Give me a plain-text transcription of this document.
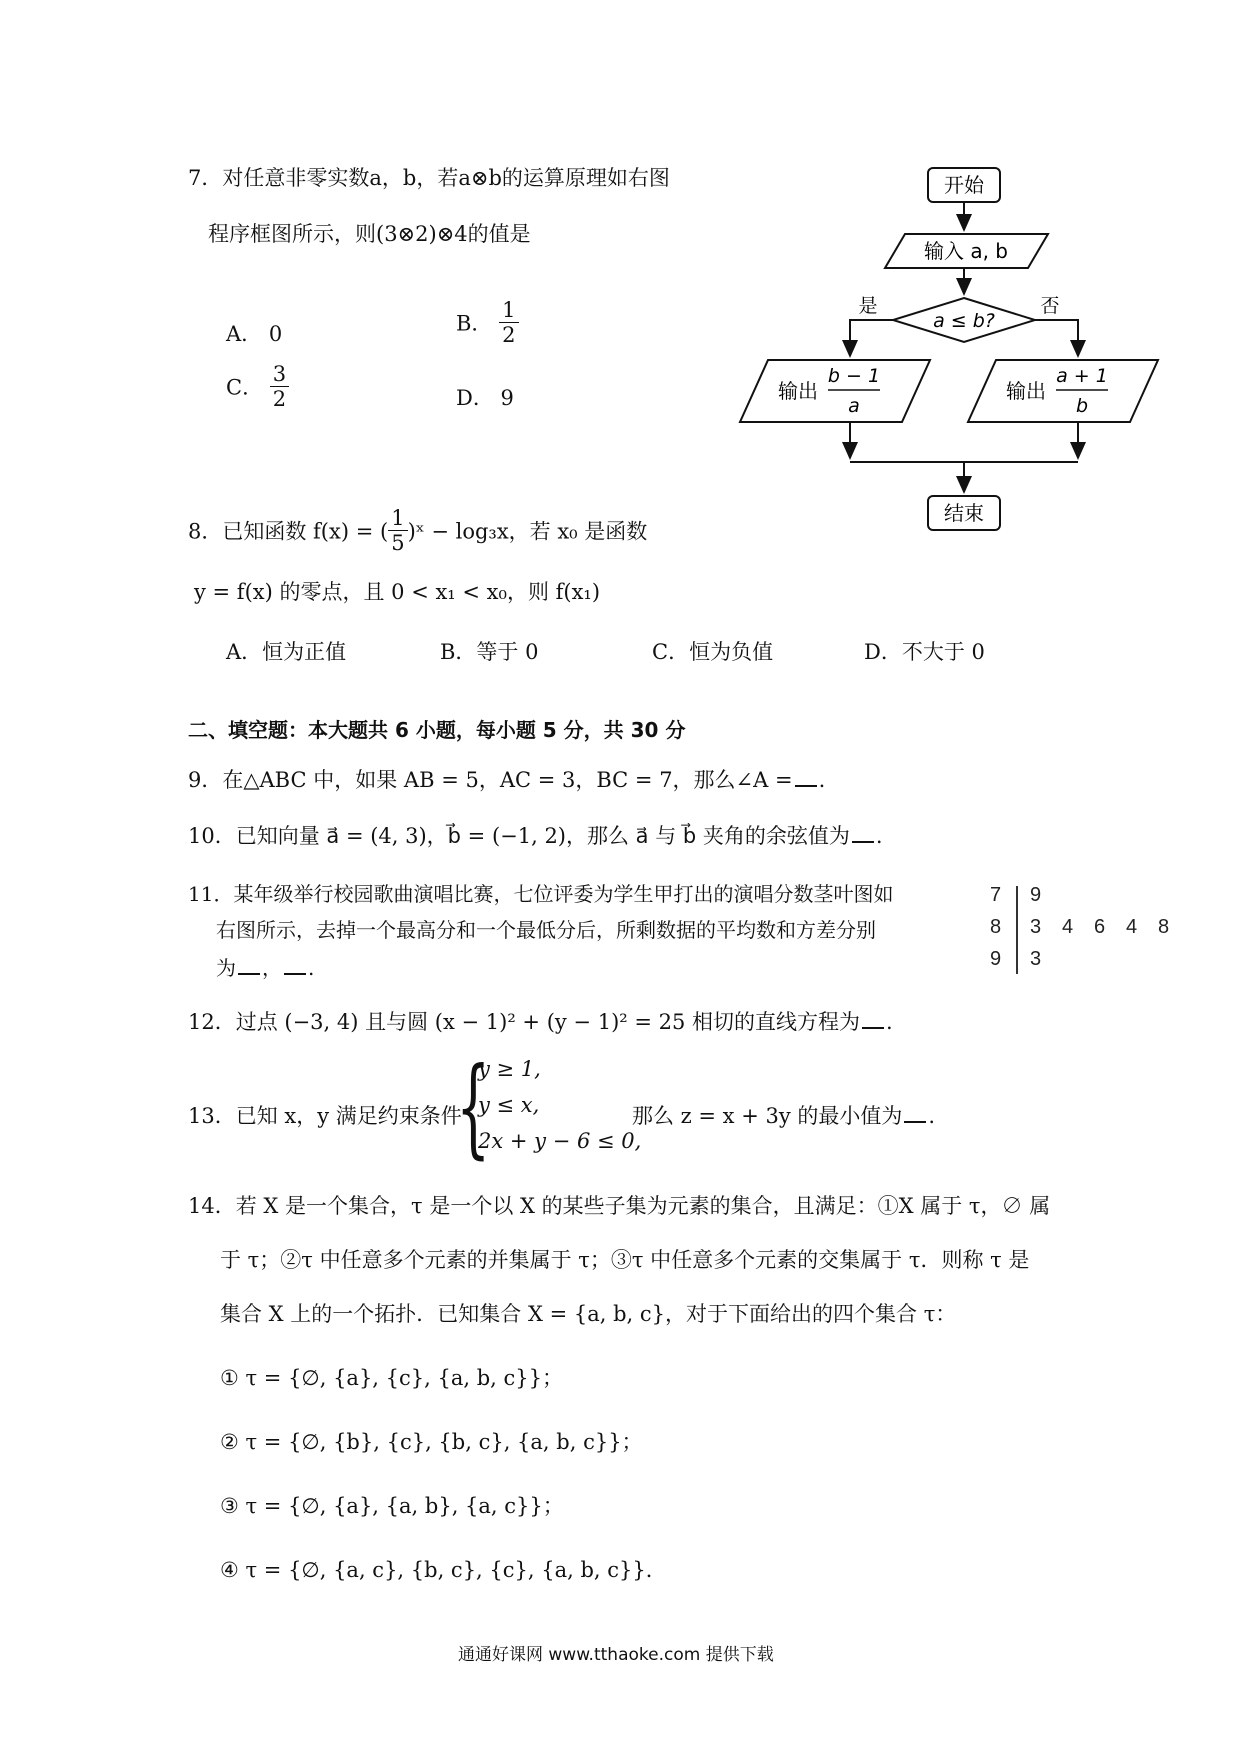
7．对任意非零实数a，b，若a⊗b的运算原理如右图
程序框图所示，则(3⊗2)⊗4的值是
A． 0	B． $\frac{1}{2}$
C． $\frac{3}{2}$	D． 9
开始
输入 a, b
a ≤ b?
是	否
输出
b − 1
a
输出
a + 1
b
结束
8．已知函数 f(x) = ( $\frac{1}{5}$ )ˣ − log₃x，若 x₀ 是函数
y = f(x) 的零点，且 0 < x₁ < x₀，则 f(x₁)
A．恒为正值	B．等于 0	C．恒为负值	D．不大于 0
二、填空题：本大题共 6 小题，每小题 5 分，共 30 分
9．在△ABC 中，如果 AB = 5，AC = 3，BC = 7，那么∠A = .
10．已知向量 a⃗ = (4, 3)，b⃗ = (−1, 2)，那么 a⃗ 与 b⃗ 夹角的余弦值为 .
11．某年级举行校园歌曲演唱比赛，七位评委为学生甲打出的演唱分数茎叶图如
右图所示，去掉一个最高分和一个最低分后，所剩数据的平均数和方差分别
为 ， .
7 9
8 3 4 6 4 8
9 3
12．过点 (−3, 4) 且与圆 (x − 1)² + (y − 1)² = 25 相切的直线方程为 .
13．已知 x，y 满足约束条件
{
y ≥ 1,
y ≤ x,
2x + y − 6 ≤ 0,
那么 z = x + 3y 的最小值为 .
14．若 X 是一个集合，τ 是一个以 X 的某些子集为元素的集合，且满足：①X 属于 τ，∅ 属
于 τ；②τ 中任意多个元素的并集属于 τ；③τ 中任意多个元素的交集属于 τ．则称 τ 是
集合 X 上的一个拓扑．已知集合 X = {a, b, c}，对于下面给出的四个集合 τ：
① τ = {∅, {a}, {c}, {a, b, c}}；
② τ = {∅, {b}, {c}, {b, c}, {a, b, c}}；
③ τ = {∅, {a}, {a, b}, {a, c}}；
④ τ = {∅, {a, c}, {b, c}, {c}, {a, b, c}}．
通通好课网 www.tthaoke.com 提供下载
